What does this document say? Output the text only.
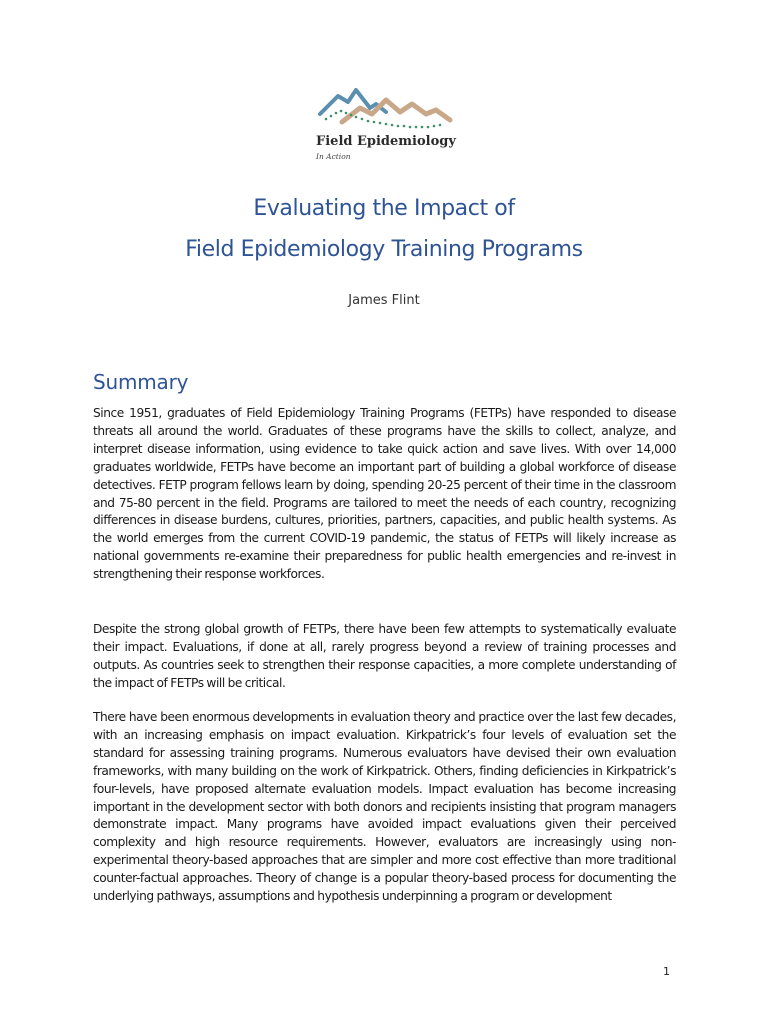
Field Epidemiology
In Action
Evaluating the Impact of
Field Epidemiology Training Programs
James Flint
Summary

Since 1951, graduates of Field Epidemiology Training Programs (FETPs) have responded to disease threats all around the world. Graduates of these programs have the skills to collect, analyze, and interpret disease information, using evidence to take quick action and save lives. With over 14,000 graduates worldwide, FETPs have become an important part of building a global workforce of disease detectives. FETP program fellows learn by doing, spending 20-25 percent of their time in the classroom and 75-80 percent in the field. Programs are tailored to meet the needs of each country, recognizing differences in disease burdens, cultures, priorities, partners, capacities, and public health systems. As the world emerges from the current COVID-19 pandemic, the status of FETPs will likely increase as national governments re-examine their preparedness for public health emergencies and re-invest in strengthening their response workforces.

Despite the strong global growth of FETPs, there have been few attempts to systematically evaluate their impact. Evaluations, if done at all, rarely progress beyond a review of training processes and outputs. As countries seek to strengthen their response capacities, a more complete understanding of the impact of FETPs will be critical.

There have been enormous developments in evaluation theory and practice over the last few decades, with an increasing emphasis on impact evaluation. Kirkpatrick’s four levels of evaluation set the standard for assessing training programs. Numerous evaluators have devised their own evaluation frameworks, with many building on the work of Kirkpatrick. Others, finding deficiencies in Kirkpatrick’s four-levels, have proposed alternate evaluation models. Impact evaluation has become increasing important in the development sector with both donors and recipients insisting that program managers demonstrate impact. Many programs have avoided impact evaluations given their perceived complexity and high resource requirements. However, evaluators are increasingly using non-experimental theory-based approaches that are simpler and more cost effective than more traditional counter-factual approaches. Theory of change is a popular theory-based process for documenting the underlying pathways, assumptions and hypothesis underpinning a program or development

1
